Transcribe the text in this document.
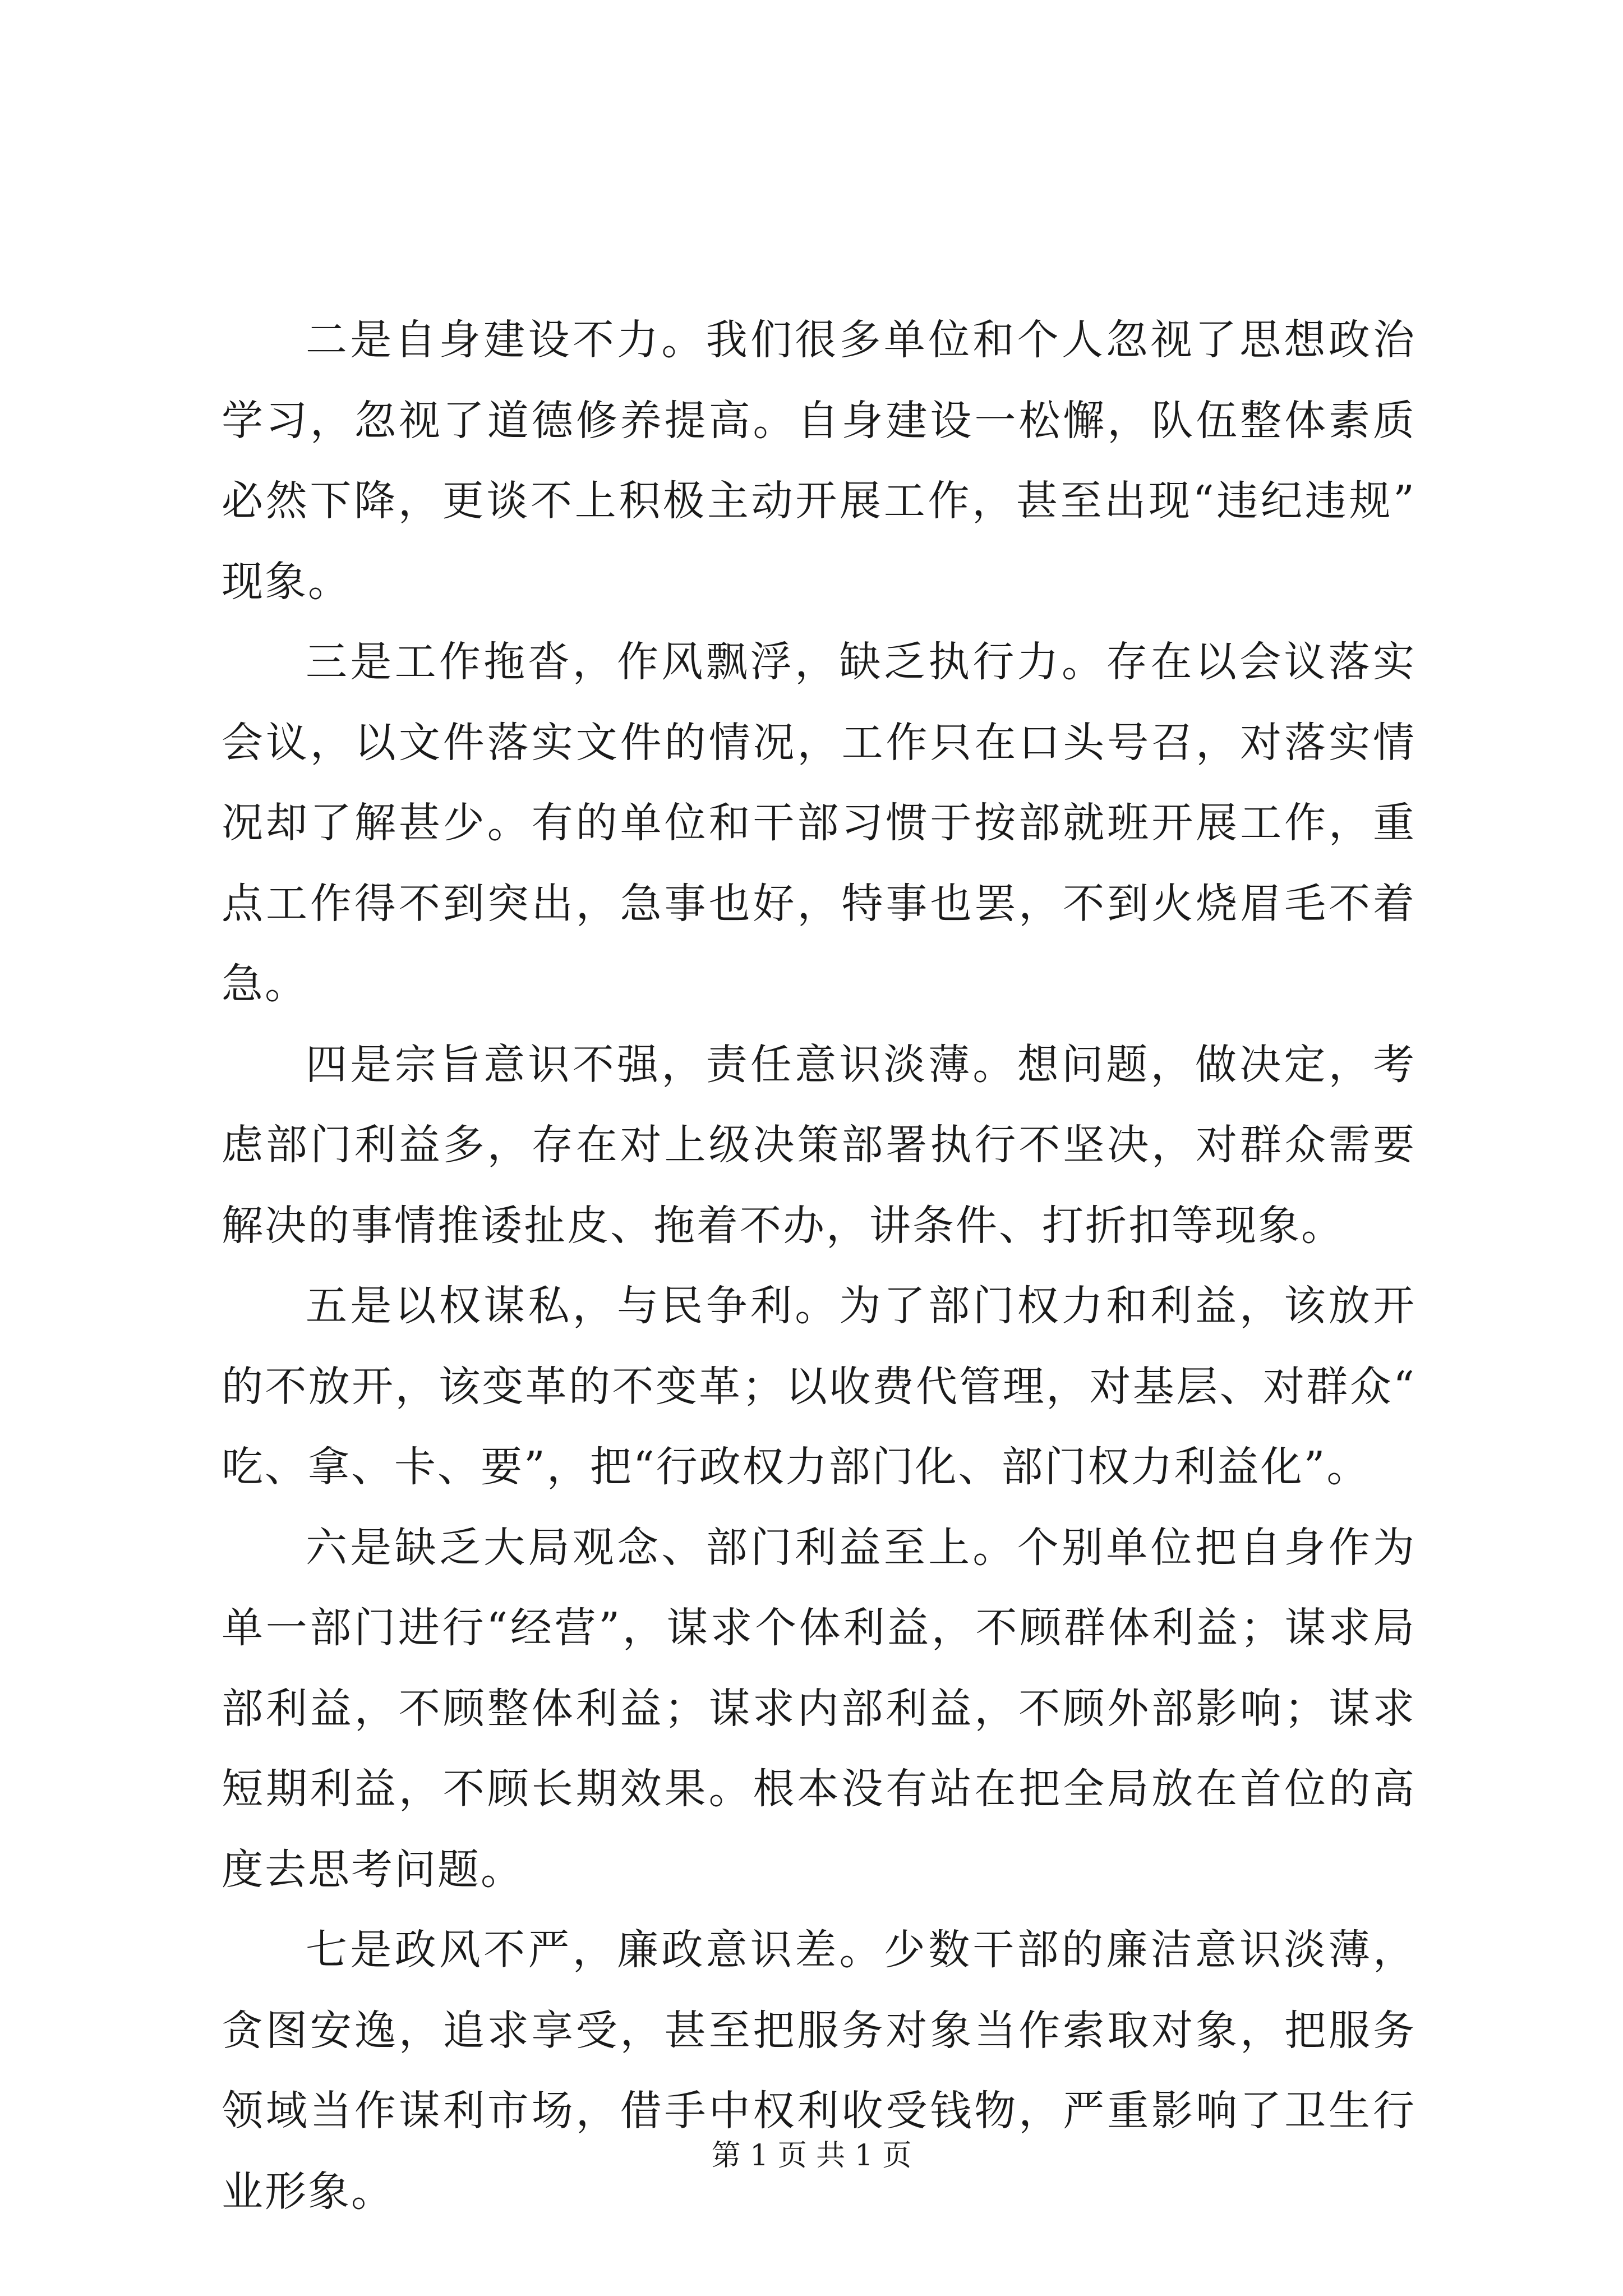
二是自身建设不力。我们很多单位和个人忽视了思想政治学习，忽视了道德修养提高。自身建设一松懈，队伍整体素质必然下降，更谈不上积极主动开展工作，甚至出现“违纪违规”现象。

三是工作拖沓，作风飘浮，缺乏执行力。存在以会议落实会议，以文件落实文件的情况，工作只在口头号召，对落实情况却了解甚少。有的单位和干部习惯于按部就班开展工作，重点工作得不到突出，急事也好，特事也罢，不到火烧眉毛不着急。

四是宗旨意识不强，责任意识淡薄。想问题，做决定，考虑部门利益多，存在对上级决策部署执行不坚决，对群众需要解决的事情推诿扯皮、拖着不办，讲条件、打折扣等现象。

五是以权谋私，与民争利。为了部门权力和利益，该放开的不放开，该变革的不变革；以收费代管理，对基层、对群众“吃、拿、卡、要”，把“行政权力部门化、部门权力利益化”。

六是缺乏大局观念、部门利益至上。个别单位把自身作为单一部门进行“经营”，谋求个体利益，不顾群体利益；谋求局部利益，不顾整体利益；谋求内部利益，不顾外部影响；谋求短期利益，不顾长期效果。根本没有站在把全局放在首位的高度去思考问题。

七是政风不严，廉政意识差。少数干部的廉洁意识淡薄，贪图安逸，追求享受，甚至把服务对象当作索取对象，把服务领域当作谋利市场，借手中权利收受钱物，严重影响了卫生行业形象。

第 1 页 共 1 页
